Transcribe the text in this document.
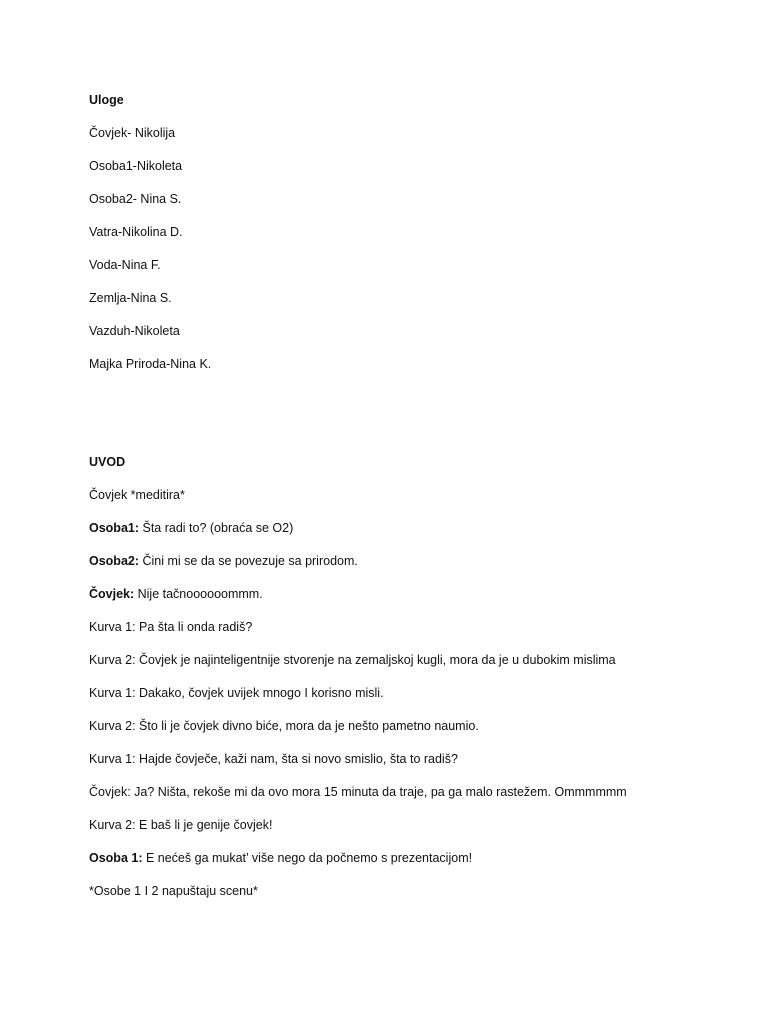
Uloge
Čovjek- Nikolija
Osoba1-Nikoleta
Osoba2- Nina S.
Vatra-Nikolina D.
Voda-Nina F.
Zemlja-Nina S.
Vazduh-Nikoleta
Majka Priroda-Nina K.
UVOD
Čovjek *meditira*
Osoba1: Šta radi to? (obraća se O2)
Osoba2: Čini mi se da se povezuje sa prirodom.
Čovjek: Nije tačnoooooommm.
Kurva 1: Pa šta li onda radiš?
Kurva 2: Čovjek je najinteligentnije stvorenje na zemaljskoj kugli, mora da je u dubokim mislima
Kurva 1: Dakako, čovjek uvijek mnogo I korisno misli.
Kurva 2: Što li je čovjek divno biće, mora da je nešto pametno naumio.
Kurva 1: Hajde čovječe, kaži nam, šta si novo smislio, šta to radiš?
Čovjek: Ja? Ništa, rekoše mi da ovo mora 15 minuta da traje, pa ga malo rastežem. Ommmmmm
Kurva 2: E baš li je genije čovjek!
Osoba 1: E nećeš ga mukat’ više nego da počnemo s prezentacijom!
*Osobe 1 I 2 napuštaju scenu*
